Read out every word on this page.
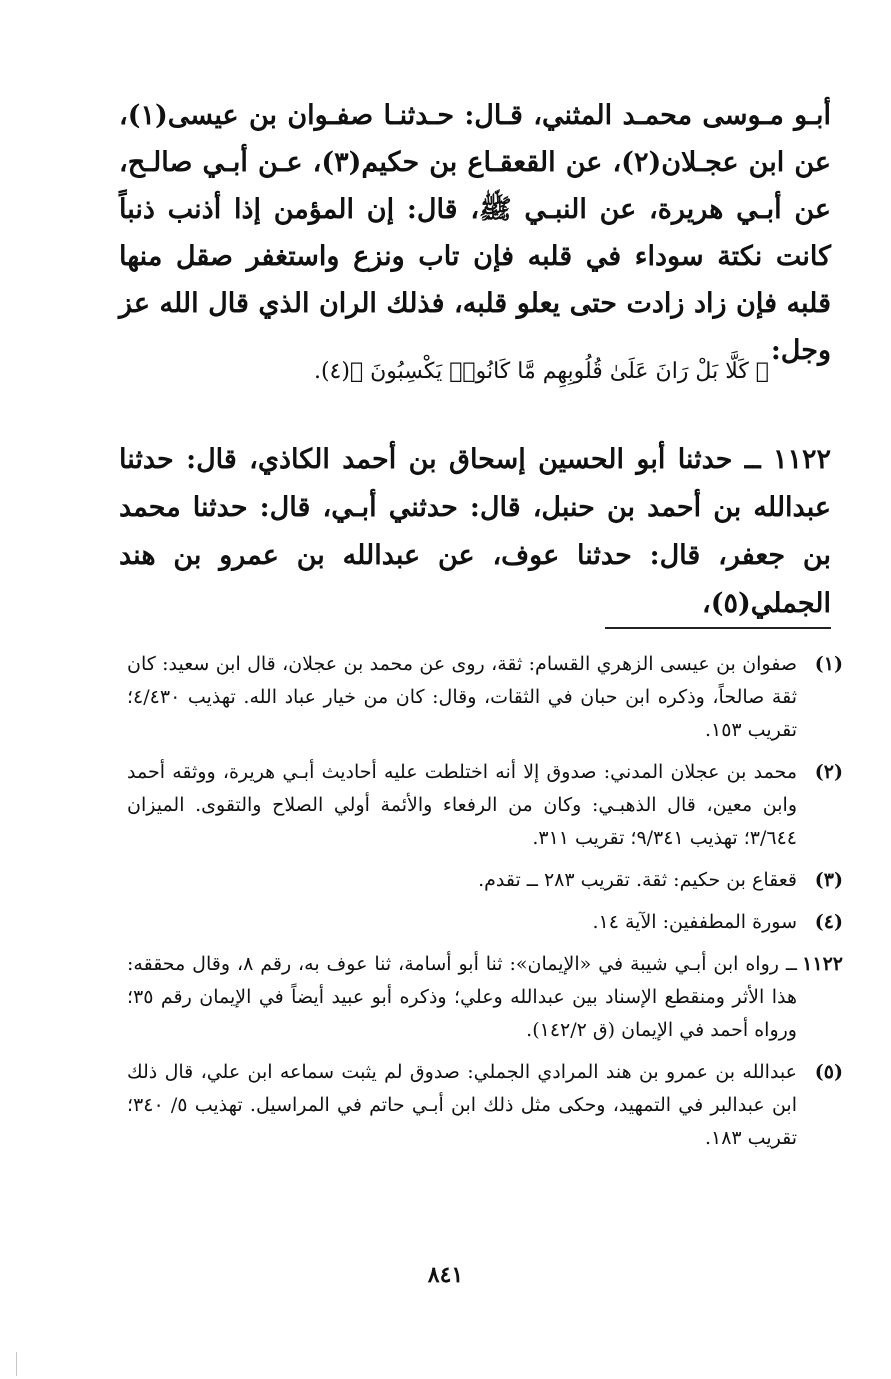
أبـو مـوسى محمـد المثني، قـال: حـدثنـا صفـوان بن عيسى(١)، عن ابن عجـلان(٢)، عن القعقـاع بن حكيم(٣)، عـن أبـي صالـح، عن أبـي هريرة، عن النبـي ﷺ، قال: إن المؤمن إذا أذنب ذنباً كانت نكتة سوداء في قلبه فإن تاب ونزع واستغفر صقل منها قلبه فإن زاد زادت حتى يعلو قلبه، فذلك الران الذي قال الله عز وجل:

﴿ كَلَّا بَلْ رَانَ عَلَىٰ قُلُوبِهِم مَّا كَانُوا۟ يَكْسِبُونَ ﴾(٤).

١١٢٢ ــ حدثنا أبو الحسين إسحاق بن أحمد الكاذي، قال: حدثنا عبدالله بن أحمد بن حنبل، قال: حدثني أبـي، قال: حدثنا محمد بن جعفر، قال: حدثنا عوف، عن عبدالله بن عمرو بن هند الجملي(٥)،

(١)
صفوان بن عيسى الزهري القسام: ثقة، روى عن محمد بن عجلان، قال ابن سعيد: كان ثقة صالحاً، وذكره ابن حبان في الثقات، وقال: كان من خيار عباد الله. تهذيب ٤/٤٣٠؛ تقريب ١٥٣.
(٢)
محمد بن عجلان المدني: صدوق إلا أنه اختلطت عليه أحاديث أبـي هريرة، ووثقه أحمد وابن معين، قال الذهبـي: وكان من الرفعاء والأئمة أولي الصلاح والتقوى. الميزان ٣/٦٤٤؛ تهذيب ٩/٣٤١؛ تقريب ٣١١.
(٣)
قعقاع بن حكيم: ثقة. تقريب ٢٨٣ ــ تقدم.
(٤)
سورة المطففين: الآية ١٤.
١١٢٢
ــ رواه ابن أبـي شيبة في «الإيمان»: ثنا أبو أسامة، ثنا عوف به، رقم ٨، وقال محققه: هذا الأثر ومنقطع الإسناد بين عبدالله وعلي؛ وذكره أبو عبيد أيضاً في الإيمان رقم ٣٥؛ ورواه أحمد في الإيمان (ق ١٤٢/٢).
(٥)
عبدالله بن عمرو بن هند المرادي الجملي: صدوق لم يثبت سماعه ابن علي، قال ذلك ابن عبدالبر في التمهيد، وحكى مثل ذلك ابن أبـي حاتم في المراسيل. تهذيب ٥/ ٣٤٠؛ تقريب ١٨٣.
٨٤١
